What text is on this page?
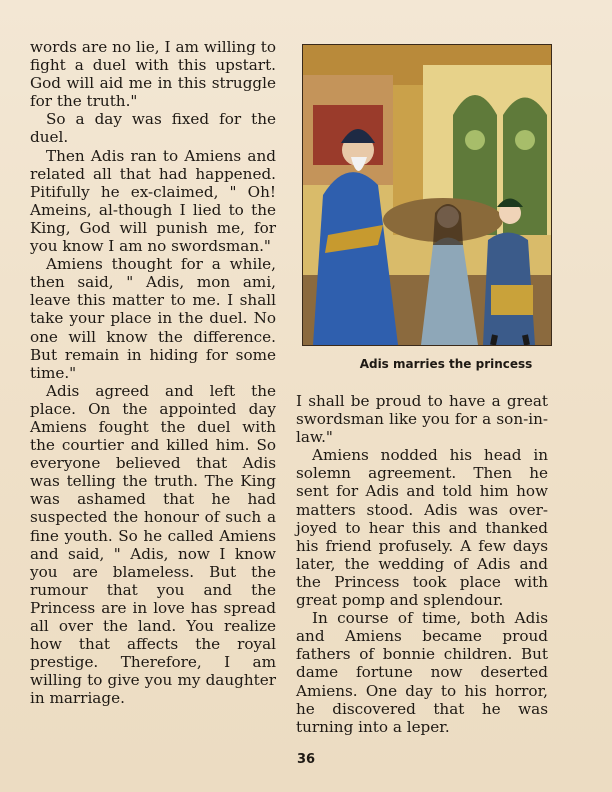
words are no lie, I am willing to fight a duel with this upstart. God will aid me in this struggle for the truth."

So a day was fixed for the duel.

Then Adis ran to Amiens and related all that had happened. Pitifully he ex-claimed, " Oh! Ameins, al-though I lied to the King, God will punish me, for you know I am no swordsman."

Amiens thought for a while, then said, " Adis, mon ami, leave this matter to me. I shall take your place in the duel. No one will know the difference. But remain in hiding for some time."

Adis agreed and left the place. On the appointed day Amiens fought the duel with the courtier and killed him. So everyone believed that Adis was telling the truth. The King was ashamed that he had suspected the honour of such a fine youth. So he called Amiens and said, " Adis, now I know you are blameless. But the rumour that you and the Princess are in love has spread all over the land. You realize how that affects the royal prestige. Therefore, I am willing to give you my daughter in marriage.

Adis marries the princess

I shall be proud to have a great swordsman like you for a son-in-law."

Amiens nodded his head in solemn agreement. Then he sent for Adis and told him how matters stood. Adis was over-joyed to hear this and thanked his friend profusely. A few days later, the wedding of Adis and the Princess took place with great pomp and splendour.

In course of time, both Adis and Amiens became proud fathers of bonnie children. But dame fortune now deserted Amiens. One day to his horror, he discovered that he was turning into a leper.

36
